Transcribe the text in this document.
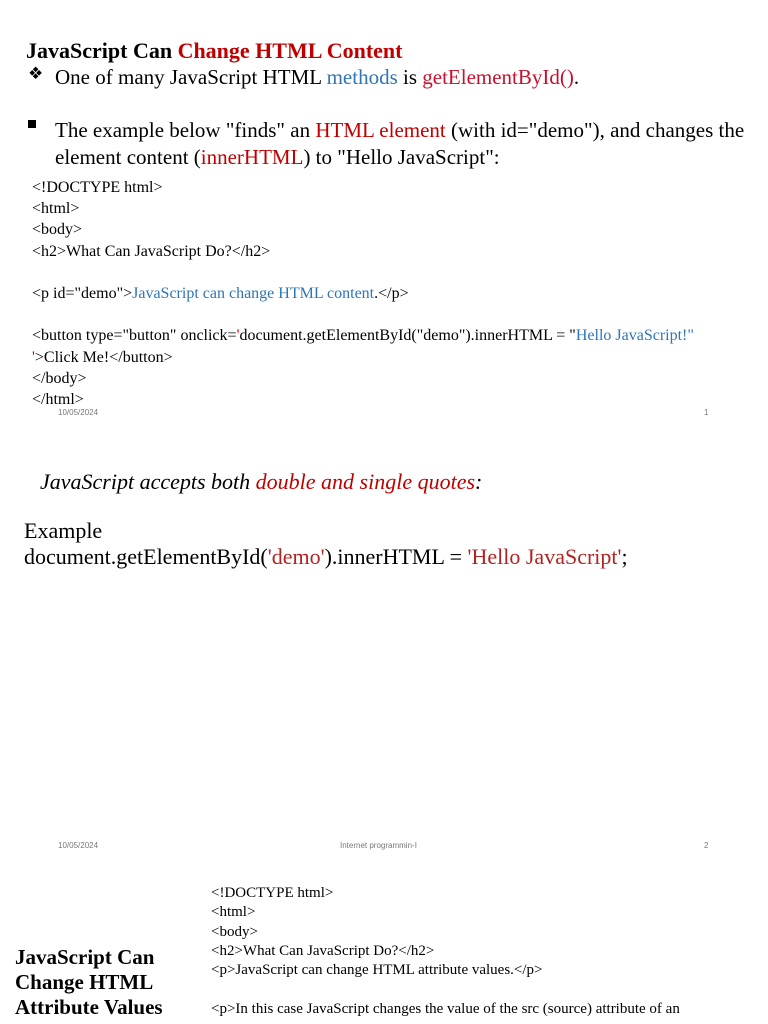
JavaScript Can Change HTML Content
❖ One of many JavaScript HTML methods is getElementById().
The example below "finds" an HTML element (with id="demo"), and changes the element content (innerHTML) to "Hello JavaScript":
<!DOCTYPE html>
<html>
<body>
<h2>What Can JavaScript Do?</h2>
<p id="demo">JavaScript can change HTML content.</p>
<button type="button" onclick='document.getElementById("demo").innerHTML = "Hello JavaScript!" '>Click Me!</button>
</body>
</html>
10/05/2024	1
JavaScript accepts both double and single quotes:
Example
document.getElementById('demo').innerHTML = 'Hello JavaScript';
10/05/2024	Internet programmin-I	2
JavaScript Can Change HTML Attribute Values
<!DOCTYPE html>
<html>
<body>
<h2>What Can JavaScript Do?</h2>
<p>JavaScript can change HTML attribute values.</p>
<p>In this case JavaScript changes the value of the src (source) attribute of an
